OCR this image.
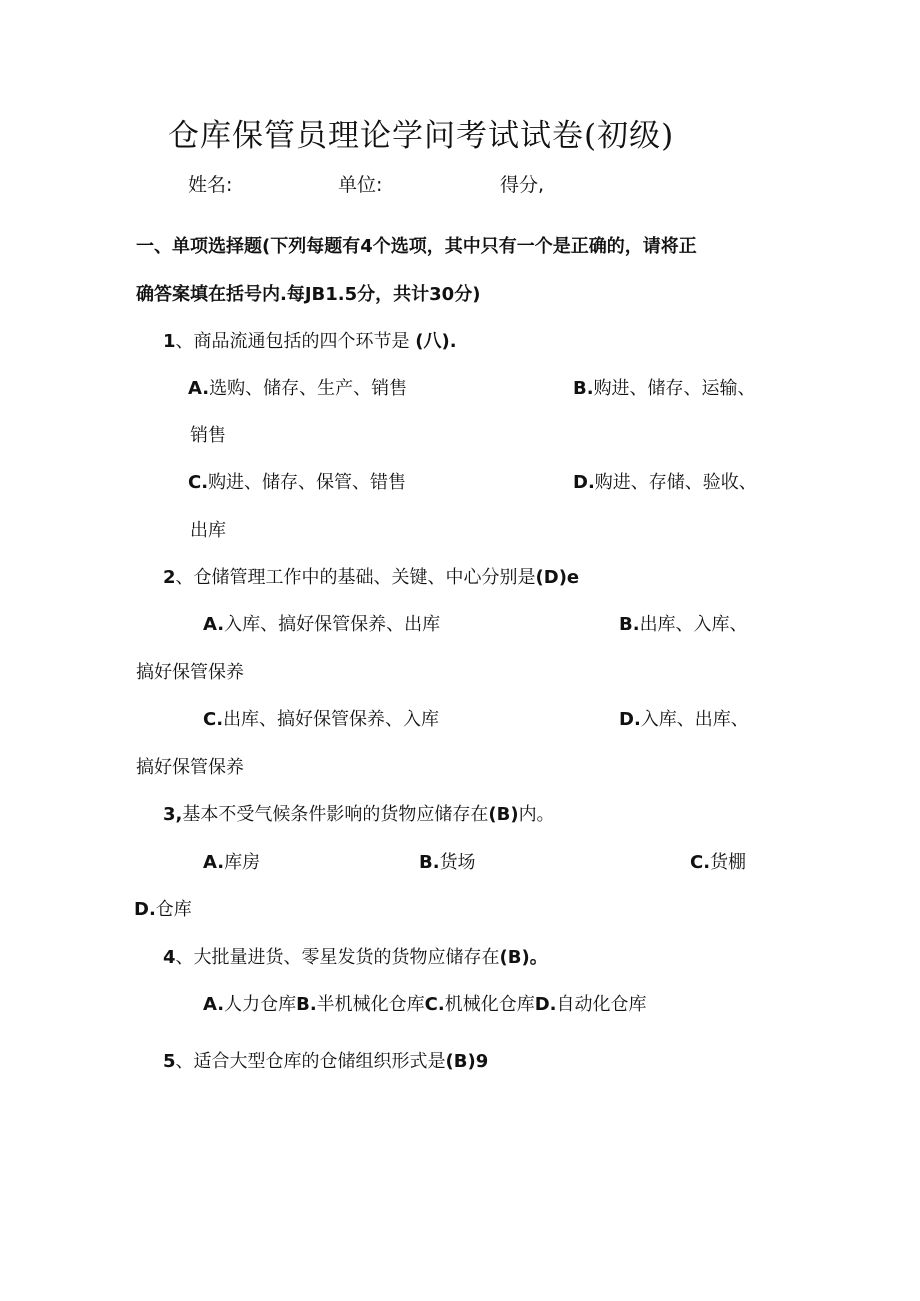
仓库保管员理论学问考试试卷(初级)
姓名:	单位:	得分,
一、单项选择题(下列每题有4个选项，其中只有一个是正确的，请将正
确答案填在括号内.每JB1.5分，共计30分)
1、商品流通包括的四个环节是 (八).
A.选购、储存、生产、销售	B.购进、储存、运输、
销售
C.购进、储存、保管、错售	D.购进、存储、验收、
出库
2、仓储管理工作中的基础、关键、中心分别是(D)e
A.入库、搞好保管保养、出库	B.出库、入库、
搞好保管保养
C.出库、搞好保管保养、入库	D.入库、出库、
搞好保管保养
3,基本不受气候条件影响的货物应储存在(B)内。
A.库房	B.货场	C.货棚
D.仓库
4、大批量进货、零星发货的货物应储存在(B)。
A.人力仓库B.半机械化仓库C.机械化仓库D.自动化仓库
5、适合大型仓库的仓储组织形式是(B)9
